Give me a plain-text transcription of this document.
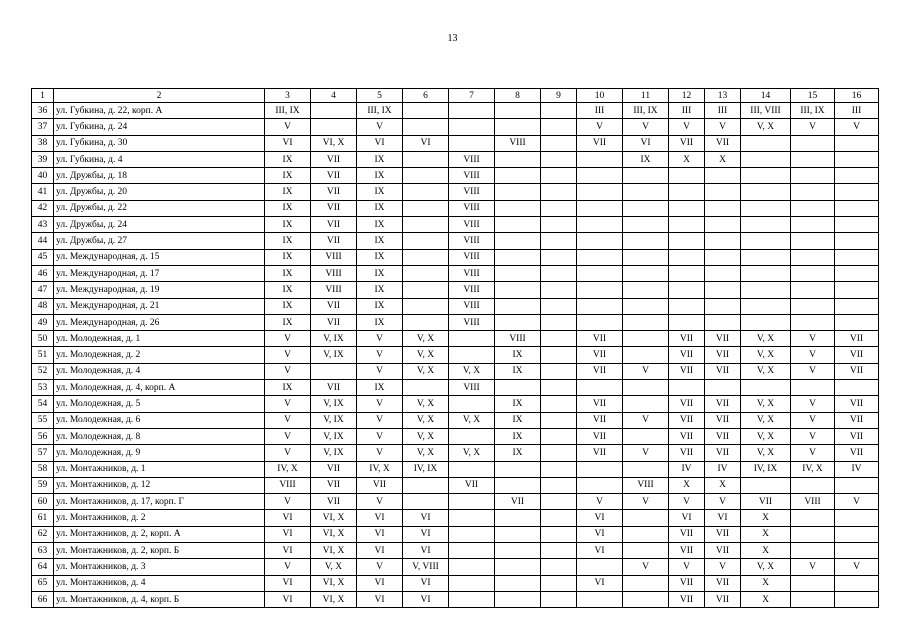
13
1	2	3	4	5	6	7	8	9	10	11	12	13	14	15	16
36	ул. Губкина, д. 22, корп. А	III, IX		III, IX					III	III, IX	III	III	III, VIII	III, IX	III
37	ул. Губкина, д. 24	V		V					V	V	V	V	V, X	V	V
38	ул. Губкина, д. 30	VI	VI, X	VI	VI		VIII		VII	VI	VII	VII			
39	ул. Губкина, д. 4	IX	VII	IX		VIII				IX	X	X			
40	ул. Дружбы, д. 18	IX	VII	IX		VIII									
41	ул. Дружбы, д. 20	IX	VII	IX		VIII									
42	ул. Дружбы, д. 22	IX	VII	IX		VIII									
43	ул. Дружбы, д. 24	IX	VII	IX		VIII									
44	ул. Дружбы, д. 27	IX	VII	IX		VIII									
45	ул. Международная, д. 15	IX	VIII	IX		VIII									
46	ул. Международная, д. 17	IX	VIII	IX		VIII									
47	ул. Международная, д. 19	IX	VIII	IX		VIII									
48	ул. Международная, д. 21	IX	VII	IX		VIII									
49	ул. Международная, д. 26	IX	VII	IX		VIII									
50	ул. Молодежная, д. 1	V	V, IX	V	V, X		VIII		VII		VII	VII	V, X	V	VII
51	ул. Молодежная, д. 2	V	V, IX	V	V, X		IX		VII		VII	VII	V, X	V	VII
52	ул. Молодежная, д. 4	V		V	V, X	V, X	IX		VII	V	VII	VII	V, X	V	VII
53	ул. Молодежная, д. 4, корп. А	IX	VII	IX		VIII									
54	ул. Молодежная, д. 5	V	V, IX	V	V, X		IX		VII		VII	VII	V, X	V	VII
55	ул. Молодежная, д. 6	V	V, IX	V	V, X	V, X	IX		VII	V	VII	VII	V, X	V	VII
56	ул. Молодежная, д. 8	V	V, IX	V	V, X		IX		VII		VII	VII	V, X	V	VII
57	ул. Молодежная, д. 9	V	V, IX	V	V, X	V, X	IX		VII	V	VII	VII	V, X	V	VII
58	ул. Монтажников, д. 1	IV, X	VII	IV, X	IV, IX						IV	IV	IV, IX	IV, X	IV
59	ул. Монтажников, д. 12	VIII	VII	VII		VII				VIII	X	X			
60	ул. Монтажников, д. 17, корп. Г	V	VII	V			VII		V	V	V	V	VII	VIII	V
61	ул. Монтажников, д. 2	VI	VI, X	VI	VI				VI		VI	VI	X		
62	ул. Монтажников, д. 2, корп. А	VI	VI, X	VI	VI				VI		VII	VII	X		
63	ул. Монтажников, д. 2, корп. Б	VI	VI, X	VI	VI				VI		VII	VII	X		
64	ул. Монтажников, д. 3	V	V, X	V	V, VIII					V	V	V	V, X	V	V
65	ул. Монтажников, д. 4	VI	VI, X	VI	VI				VI		VII	VII	X		
66	ул. Монтажников, д. 4, корп. Б	VI	VI, X	VI	VI						VII	VII	X		
